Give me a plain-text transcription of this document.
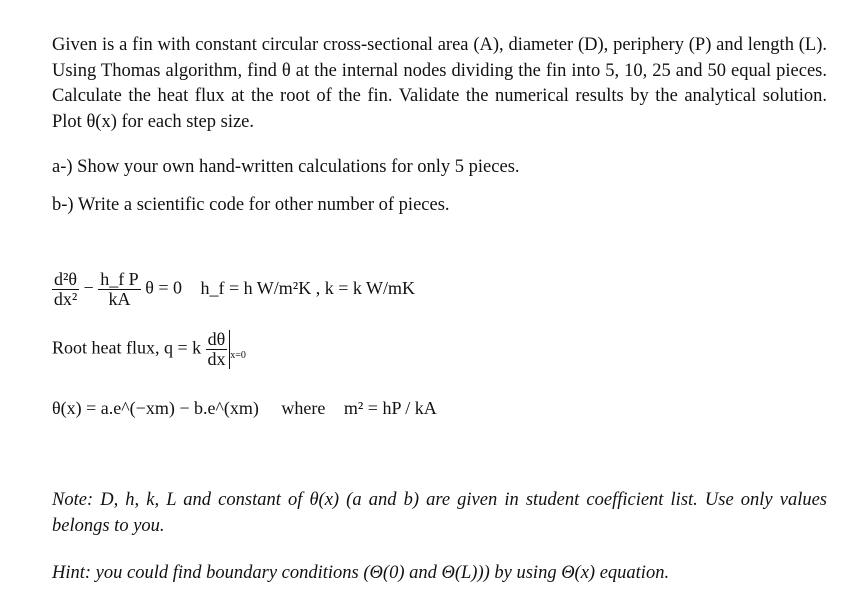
Given is a fin with constant circular cross-sectional area (A), diameter (D), periphery (P) and length (L). Using Thomas algorithm, find θ at the internal nodes dividing the fin into 5, 10, 25 and 50 equal pieces. Calculate the heat flux at the root of the fin. Validate the numerical results by the analytical solution. Plot θ(x) for each step size.
a-) Show your own hand-written calculations for only 5 pieces.
b-) Write a scientific code for other number of pieces.
$\frac{\text{d²θ}}{\text{dx²}} - \frac{\text{h\_f P}}{kA}$ θ = 0 h_f = h W/m²K , k = k W/mK
Root heat flux, q = k $\frac{d\theta}{dx} _{x=0}$
θ(x) = a.e^(−xm) − b.e^(xm) where m² = hP / kA
Note: D, h, k, L and constant of θ(x) (a and b) are given in student coefficient list. Use only values belongs to you.
Hint: you could find boundary conditions (Θ(0) and Θ(L))) by using Θ(x) equation.
